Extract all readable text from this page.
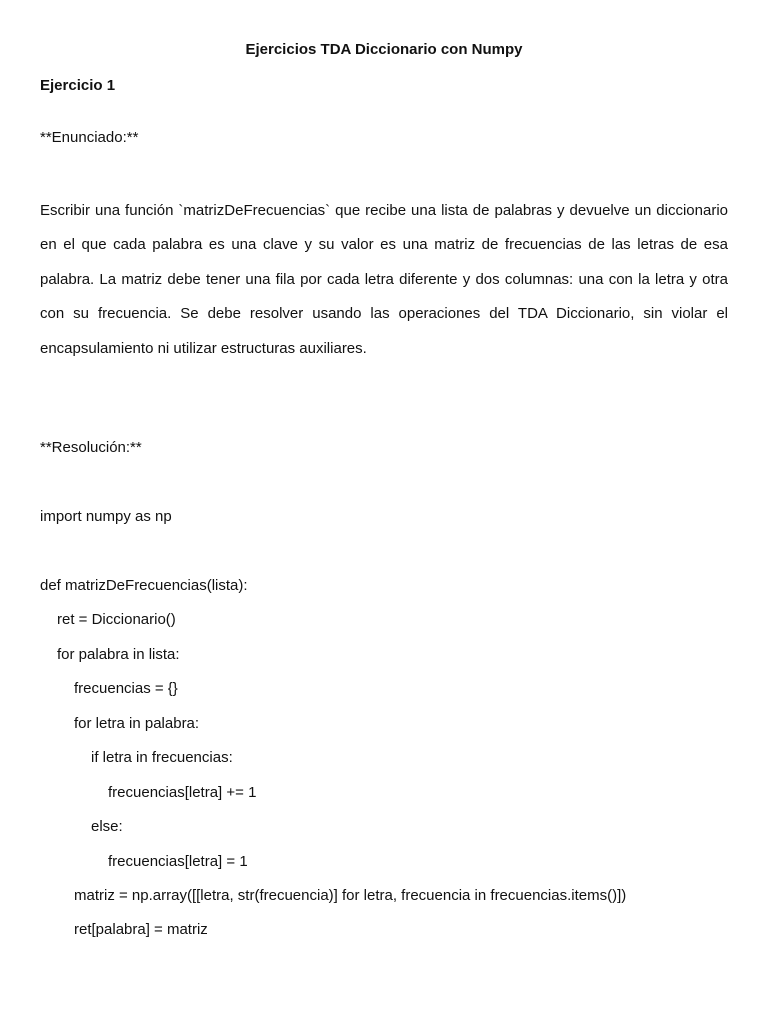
Ejercicios TDA Diccionario con Numpy
Ejercicio 1
**Enunciado:**
Escribir una función `matrizDeFrecuencias` que recibe una lista de palabras y devuelve un diccionario en el que cada palabra es una clave y su valor es una matriz de frecuencias de las letras de esa palabra. La matriz debe tener una fila por cada letra diferente y dos columnas: una con la letra y otra con su frecuencia. Se debe resolver usando las operaciones del TDA Diccionario, sin violar el encapsulamiento ni utilizar estructuras auxiliares.
**Resolución:**
import numpy as np
def matrizDeFrecuencias(lista):
ret = Diccionario()
for palabra in lista:
frecuencias = {}
for letra in palabra:
if letra in frecuencias:
frecuencias[letra] += 1
else:
frecuencias[letra] = 1
matriz = np.array([[letra, str(frecuencia)] for letra, frecuencia in frecuencias.items()])
ret[palabra] = matriz
